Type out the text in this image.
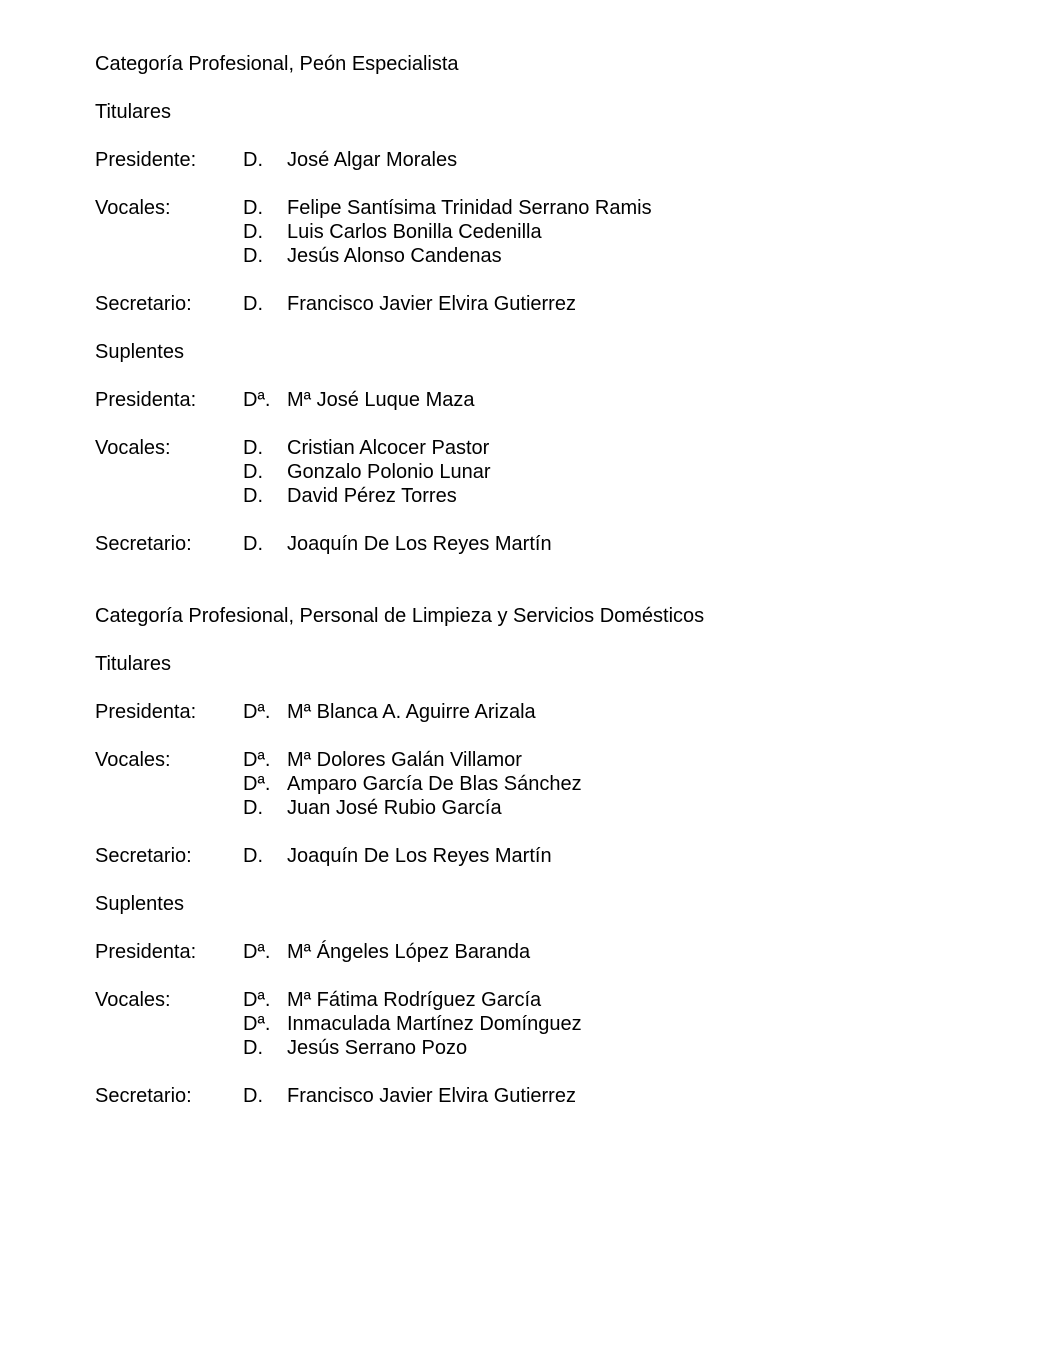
Categoría Profesional, Peón Especialista
Titulares
Presidente: D. José Algar Morales
Vocales:	D. Felipe Santísima Trinidad Serrano Ramis
D. Luis Carlos Bonilla Cedenilla
D. Jesús Alonso Candenas
Secretario:	D. Francisco Javier Elvira Gutierrez
Suplentes
Presidenta: Dª. Mª José Luque Maza
Vocales:	D. Cristian Alcocer Pastor
D. Gonzalo Polonio Lunar
D. David Pérez Torres
Secretario:	D. Joaquín De Los Reyes Martín
Categoría Profesional, Personal de Limpieza y Servicios Domésticos
Titulares
Presidenta: Dª. Mª Blanca A. Aguirre Arizala
Vocales:	Dª. Mª Dolores Galán Villamor
Dª. Amparo García De Blas Sánchez
D. Juan José Rubio García
Secretario:	D. Joaquín De Los Reyes Martín
Suplentes
Presidenta: Dª. Mª Ángeles López Baranda
Vocales:	Dª. Mª Fátima Rodríguez García
Dª. Inmaculada Martínez Domínguez
D. Jesús Serrano Pozo
Secretario:	D. Francisco Javier Elvira Gutierrez
